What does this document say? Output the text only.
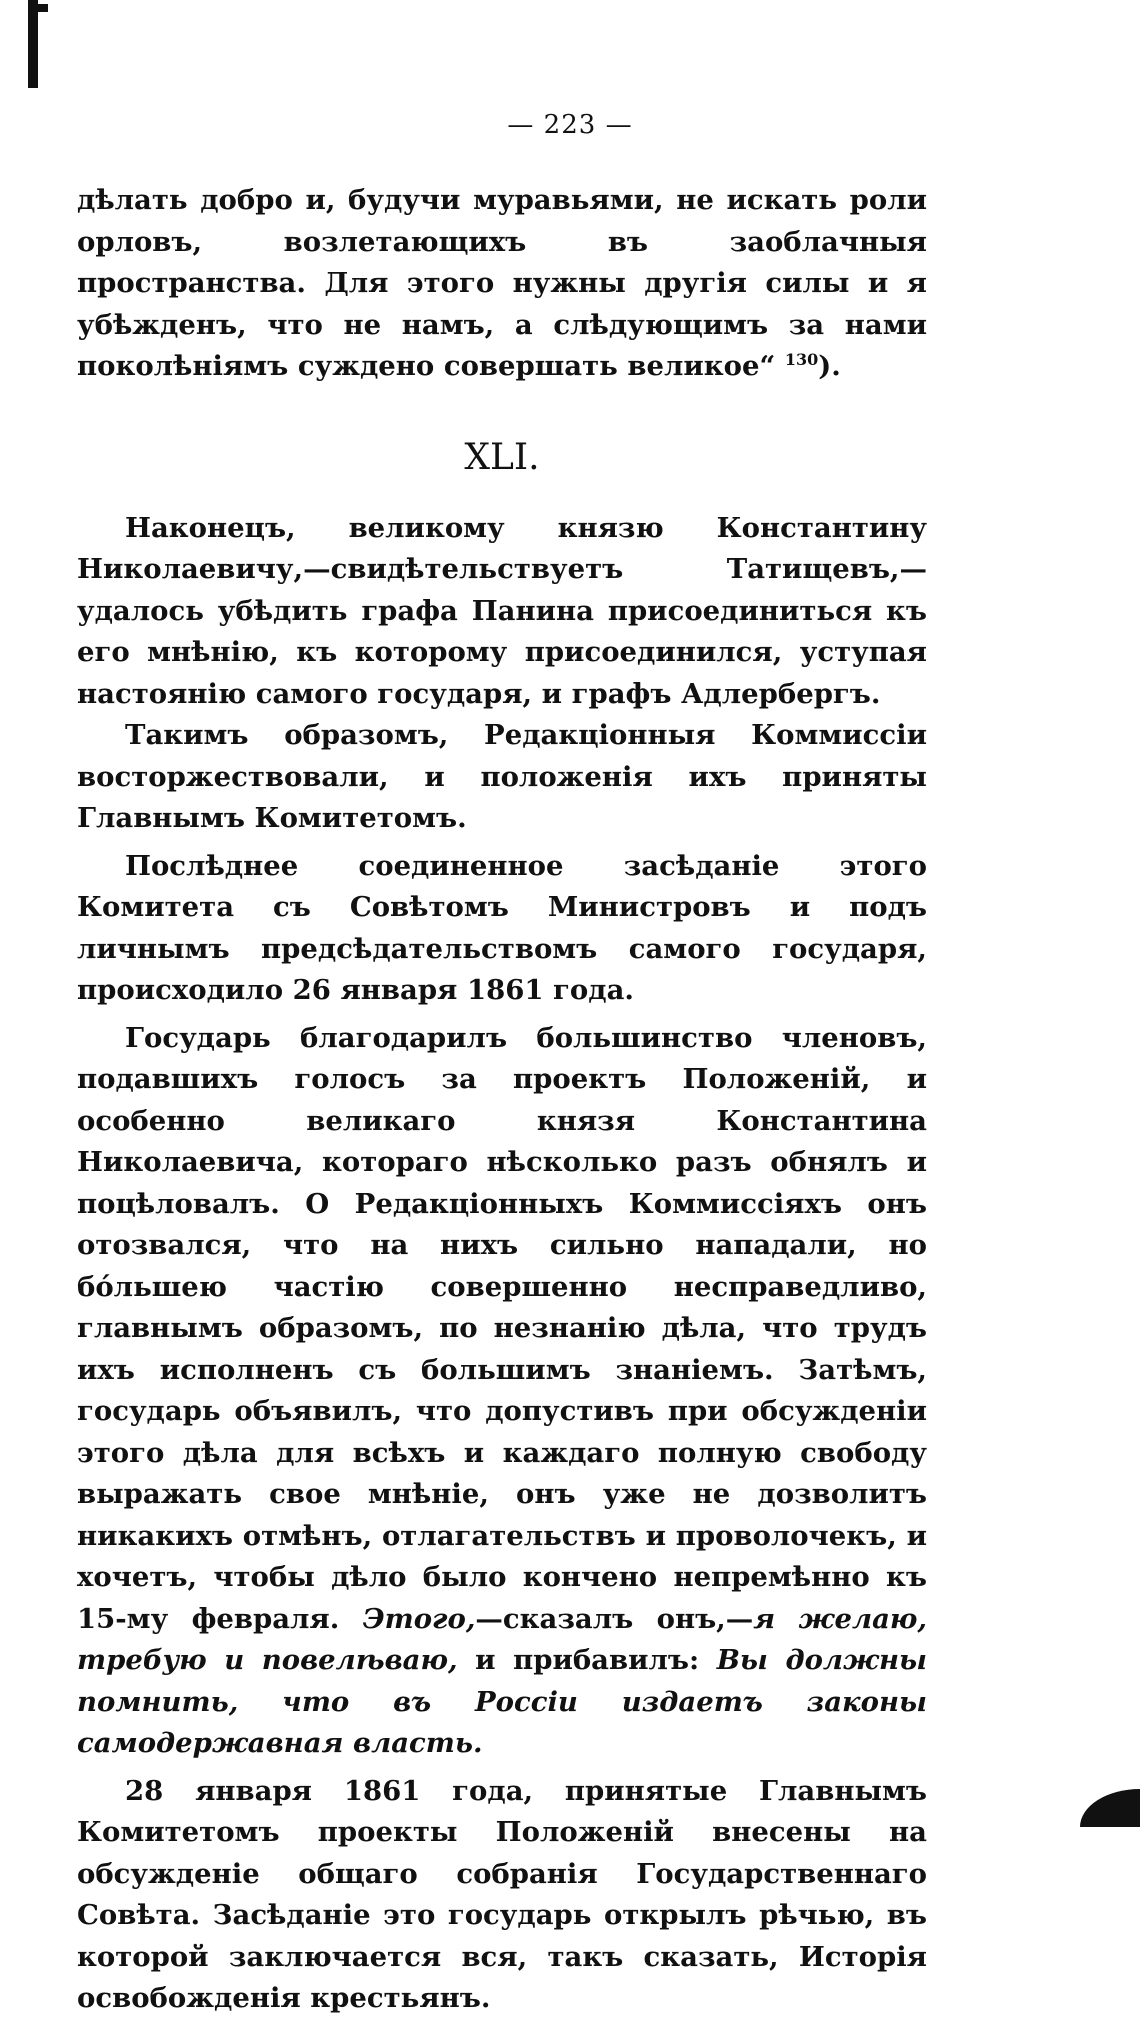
— 223 —

дѣлать добро и, будучи муравьями, не искать роли орловъ, возлетающихъ въ заоблачныя пространства. Для этого нужны другія силы и я убѣжденъ, что не намъ, а слѣдующимъ за нами поколѣніямъ суждено совершать великое“ $^{130}$).

XLI.

Наконецъ, великому князю Константину Николаевичу,—свидѣтельствуетъ Татищевъ,—удалось убѣдить графа Панина присоединиться къ его мнѣнію, къ которому присоединился, уступая настоянію самого государя, и графъ Адлербергъ.

Такимъ образомъ, Редакціонныя Коммиссіи восторжествовали, и положенія ихъ приняты Главнымъ Комитетомъ.

Послѣднее соединенное засѣданіе этого Комитета съ Совѣтомъ Министровъ и подъ личнымъ предсѣдательствомъ самого государя, происходило 26 января 1861 года.

Государь благодарилъ большинство членовъ, подавшихъ голосъ за проектъ Положеній, и особенно великаго князя Константина Николаевича, котораго нѣсколько разъ обнялъ и поцѣловалъ. О Редакціонныхъ Коммиссіяхъ онъ отозвался, что на нихъ сильно нападали, но бóльшею частію совершенно несправедливо, главнымъ образомъ, по незнанію дѣла, что трудъ ихъ исполненъ съ большимъ знаніемъ. Затѣмъ, государь объявилъ, что допустивъ при обсужденіи этого дѣла для всѣхъ и каждаго полную свободу выражать свое мнѣніе, онъ уже не дозволитъ никакихъ отмѣнъ, отлагательствъ и проволочекъ, и хочетъ, чтобы дѣло было кончено непремѣнно къ 15-му февраля. Этого,—сказалъ онъ,—я желаю, требую и повелѣваю, и прибавилъ: Вы должны помнить, что въ Россіи издаетъ законы самодержавная власть.

28 января 1861 года, принятые Главнымъ Комитетомъ проекты Положеній внесены на обсужденіе общаго собранія Государственнаго Совѣта. Засѣданіе это государь открылъ рѣчью, въ которой заключается вся, такъ сказать, Исторія освобожденія крестьянъ.
